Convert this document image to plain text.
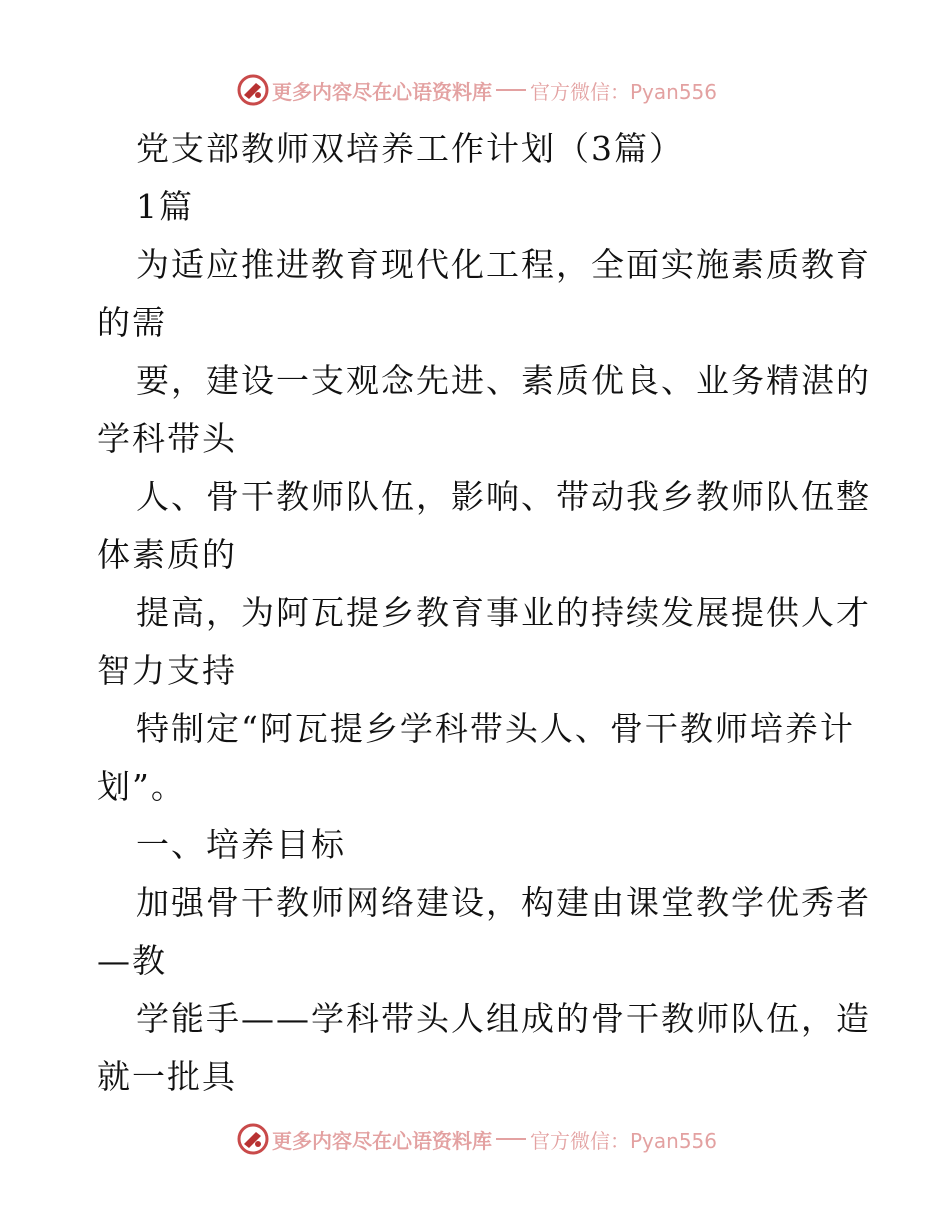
更多内容尽在心语资料库 官方微信：Pyan556
党支部教师双培养工作计划（3篇）
1篇
为适应推进教育现代化工程，全面实施素质教育
的需
要，建设一支观念先进、素质优良、业务精湛的
学科带头
人、骨干教师队伍，影响、带动我乡教师队伍整
体素质的
提高，为阿瓦提乡教育事业的持续发展提供人才
智力支持
特制定“阿瓦提乡学科带头人、骨干教师培养计
划”。
一、培养目标
加强骨干教师网络建设，构建由课堂教学优秀者
—教
学能手——学科带头人组成的骨干教师队伍，造
就一批具
更多内容尽在心语资料库 官方微信：Pyan556
